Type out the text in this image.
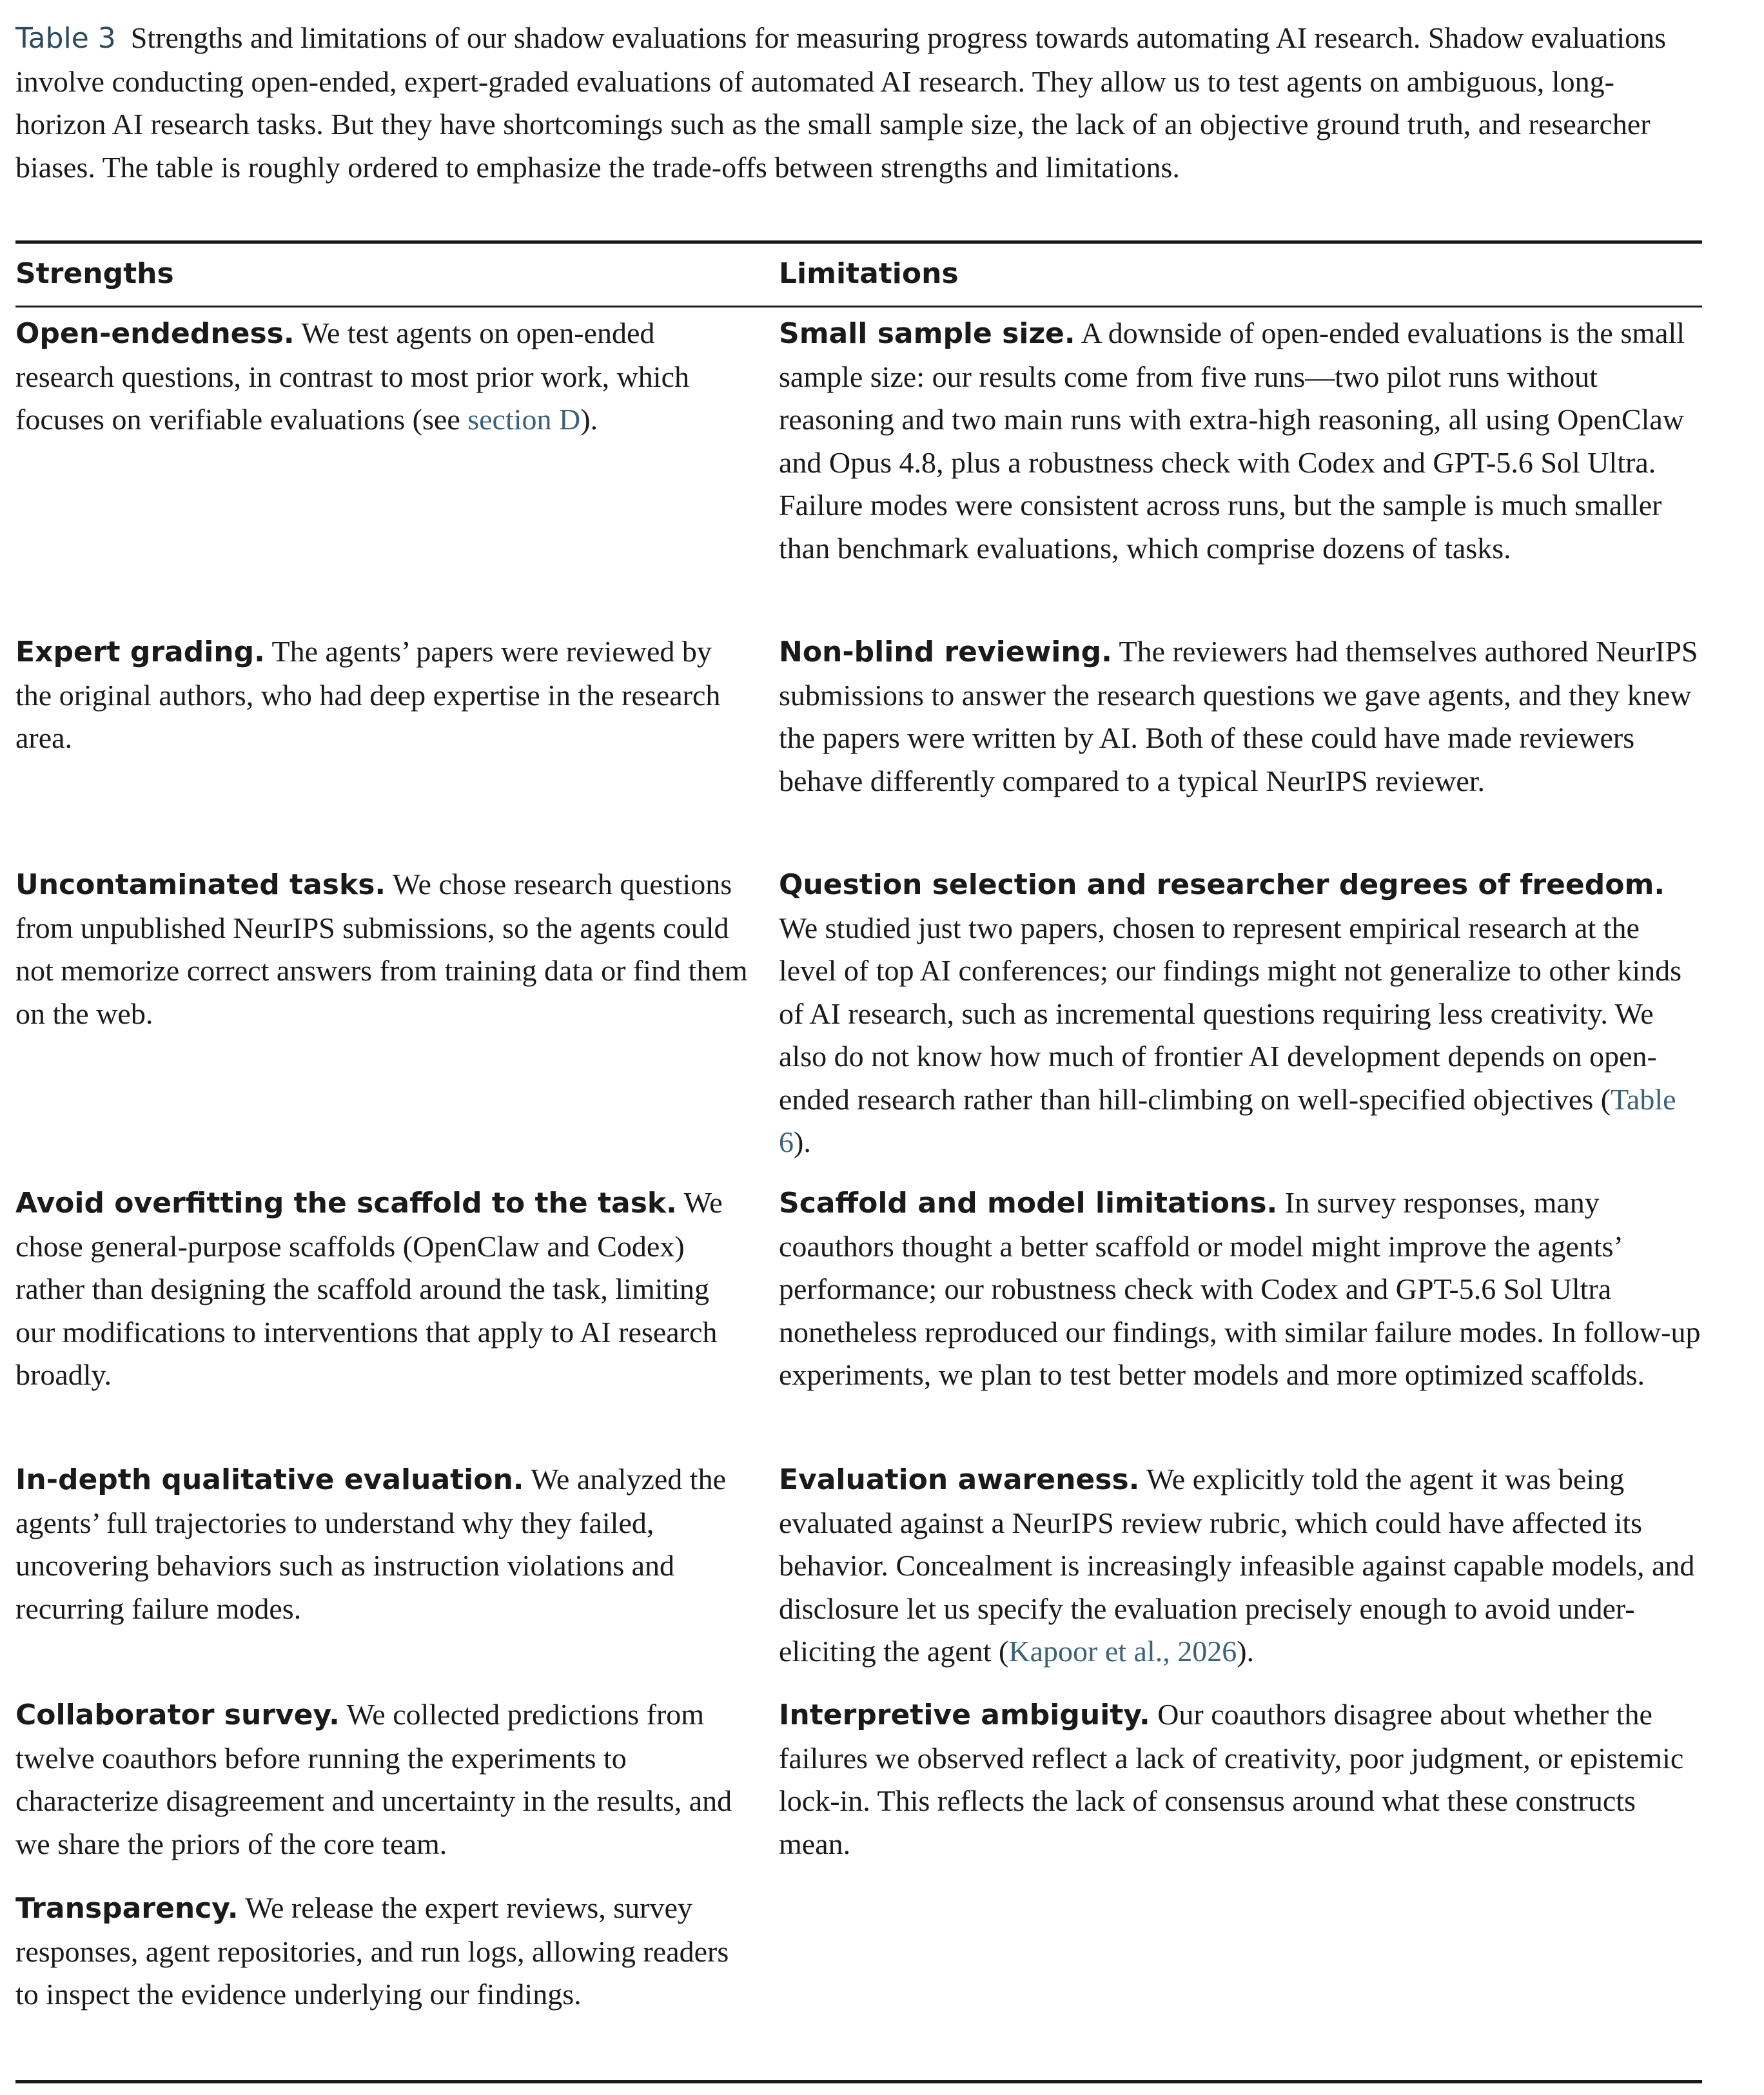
Table 3 Strengths and limitations of our shadow evaluations for measuring progress towards automating AI research. Shadow evaluations involve conducting open-ended, expert-graded evaluations of automated AI research. They allow us to test agents on ambiguous, long-horizon AI research tasks. But they have shortcomings such as the small sample size, the lack of an objective ground truth, and researcher biases. The table is roughly ordered to emphasize the trade-offs between strengths and limitations.

Strengths	Limitations

Open-endedness. We test agents on open-ended research questions, in contrast to most prior work, which focuses on verifiable evaluations (see section D).

Expert grading. The agents’ papers were reviewed by the original authors, who had deep expertise in the research area.

Uncontaminated tasks. We chose research questions from unpublished NeurIPS submissions, so the agents could not memorize correct answers from training data or find them on the web.

Avoid overfitting the scaffold to the task. We chose general-purpose scaffolds (OpenClaw and Codex) rather than designing the scaffold around the task, limiting our modifications to interventions that apply to AI research broadly.

In-depth qualitative evaluation. We analyzed the agents’ full trajectories to understand why they failed, uncovering behaviors such as instruction violations and recurring failure modes.

Collaborator survey. We collected predictions from twelve coauthors before running the experiments to characterize disagreement and uncertainty in the results, and we share the priors of the core team.

Transparency. We release the expert reviews, survey responses, agent repositories, and run logs, allowing readers to inspect the evidence underlying our findings.

Small sample size. A downside of open-ended evaluations is the small sample size: our results come from five runs—two pilot runs without reasoning and two main runs with extra-high reasoning, all using OpenClaw and Opus 4.8, plus a robustness check with Codex and GPT-5.6 Sol Ultra. Failure modes were consistent across runs, but the sample is much smaller than benchmark evaluations, which comprise dozens of tasks.

Non-blind reviewing. The reviewers had themselves authored NeurIPS submissions to answer the research questions we gave agents, and they knew the papers were written by AI. Both of these could have made reviewers behave differently compared to a typical NeurIPS reviewer.

Question selection and researcher degrees of freedom. We studied just two papers, chosen to represent empirical research at the level of top AI conferences; our findings might not generalize to other kinds of AI research, such as incremental questions requiring less creativity. We also do not know how much of frontier AI development depends on open-ended research rather than hill-climbing on well-specified objectives (Table 6).

Scaffold and model limitations. In survey responses, many coauthors thought a better scaffold or model might improve the agents’ performance; our robustness check with Codex and GPT-5.6 Sol Ultra nonetheless reproduced our findings, with similar failure modes. In follow-up experiments, we plan to test better models and more optimized scaffolds.

Evaluation awareness. We explicitly told the agent it was being evaluated against a NeurIPS review rubric, which could have affected its behavior. Concealment is increasingly infeasible against capable models, and disclosure let us specify the evaluation precisely enough to avoid under-eliciting the agent (Kapoor et al., 2026).

Interpretive ambiguity. Our coauthors disagree about whether the failures we observed reflect a lack of creativity, poor judgment, or epistemic lock-in. This reflects the lack of consensus around what these constructs mean.
